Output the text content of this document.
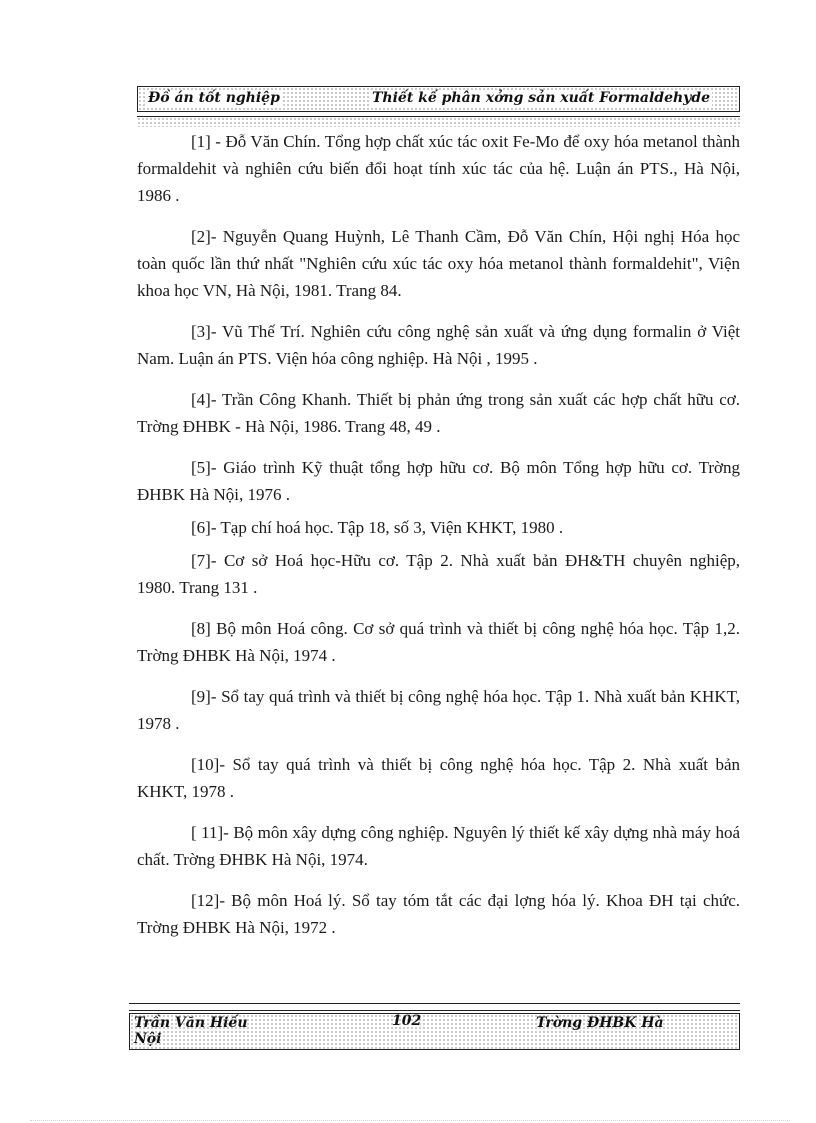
Đồ án tốt nghiệp	Thiết kế phân xởng sản xuất Formaldehyde

[1] - Đỗ Văn Chín. Tổng hợp chất xúc tác oxit Fe-Mo để oxy hóa metanol thành formaldehit và nghiên cứu biến đổi hoạt tính xúc tác của hệ. Luận án PTS., Hà Nội, 1986 .

[2]- Nguyễn Quang Huỳnh, Lê Thanh Cầm, Đỗ Văn Chín, Hội nghị Hóa học toàn quốc lần thứ nhất "Nghiên cứu xúc tác oxy hóa metanol thành formaldehit", Viện khoa học VN, Hà Nội, 1981. Trang 84.

[3]- Vũ Thế Trí. Nghiên cứu công nghệ sản xuất và ứng dụng formalin ở Việt Nam. Luận án PTS. Viện hóa công nghiệp. Hà Nội , 1995 .

[4]- Trần Công Khanh. Thiết bị phản ứng trong sản xuất các hợp chất hữu cơ. Trờng ĐHBK - Hà Nội, 1986. Trang 48, 49 .

[5]- Giáo trình Kỹ thuật tổng hợp hữu cơ. Bộ môn Tổng hợp hữu cơ. Trờng ĐHBK Hà Nội, 1976 .

[6]- Tạp chí hoá học. Tập 18, số 3, Viện KHKT, 1980 .

[7]- Cơ sở Hoá học-Hữu cơ. Tập 2. Nhà xuất bản ĐH&TH chuyên nghiệp, 1980. Trang 131 .

[8] Bộ môn Hoá công. Cơ sở quá trình và thiết bị công nghệ hóa học. Tập 1,2. Trờng ĐHBK Hà Nội, 1974 .

[9]- Sổ tay quá trình và thiết bị công nghệ hóa học. Tập 1. Nhà xuất bản KHKT, 1978 .

[10]- Sổ tay quá trình và thiết bị công nghệ hóa học. Tập 2. Nhà xuất bản KHKT, 1978 .

[ 11]- Bộ môn xây dựng công nghiệp. Nguyên lý thiết kế xây dựng nhà máy hoá chất. Trờng ĐHBK Hà Nội, 1974.

[12]- Bộ môn Hoá lý. Sổ tay tóm tắt các đại lợng hóa lý. Khoa ĐH tại chức. Trờng ĐHBK Hà Nội, 1972 .

Trần Văn Hiếu	102	Trờng ĐHBK Hà
Nội
